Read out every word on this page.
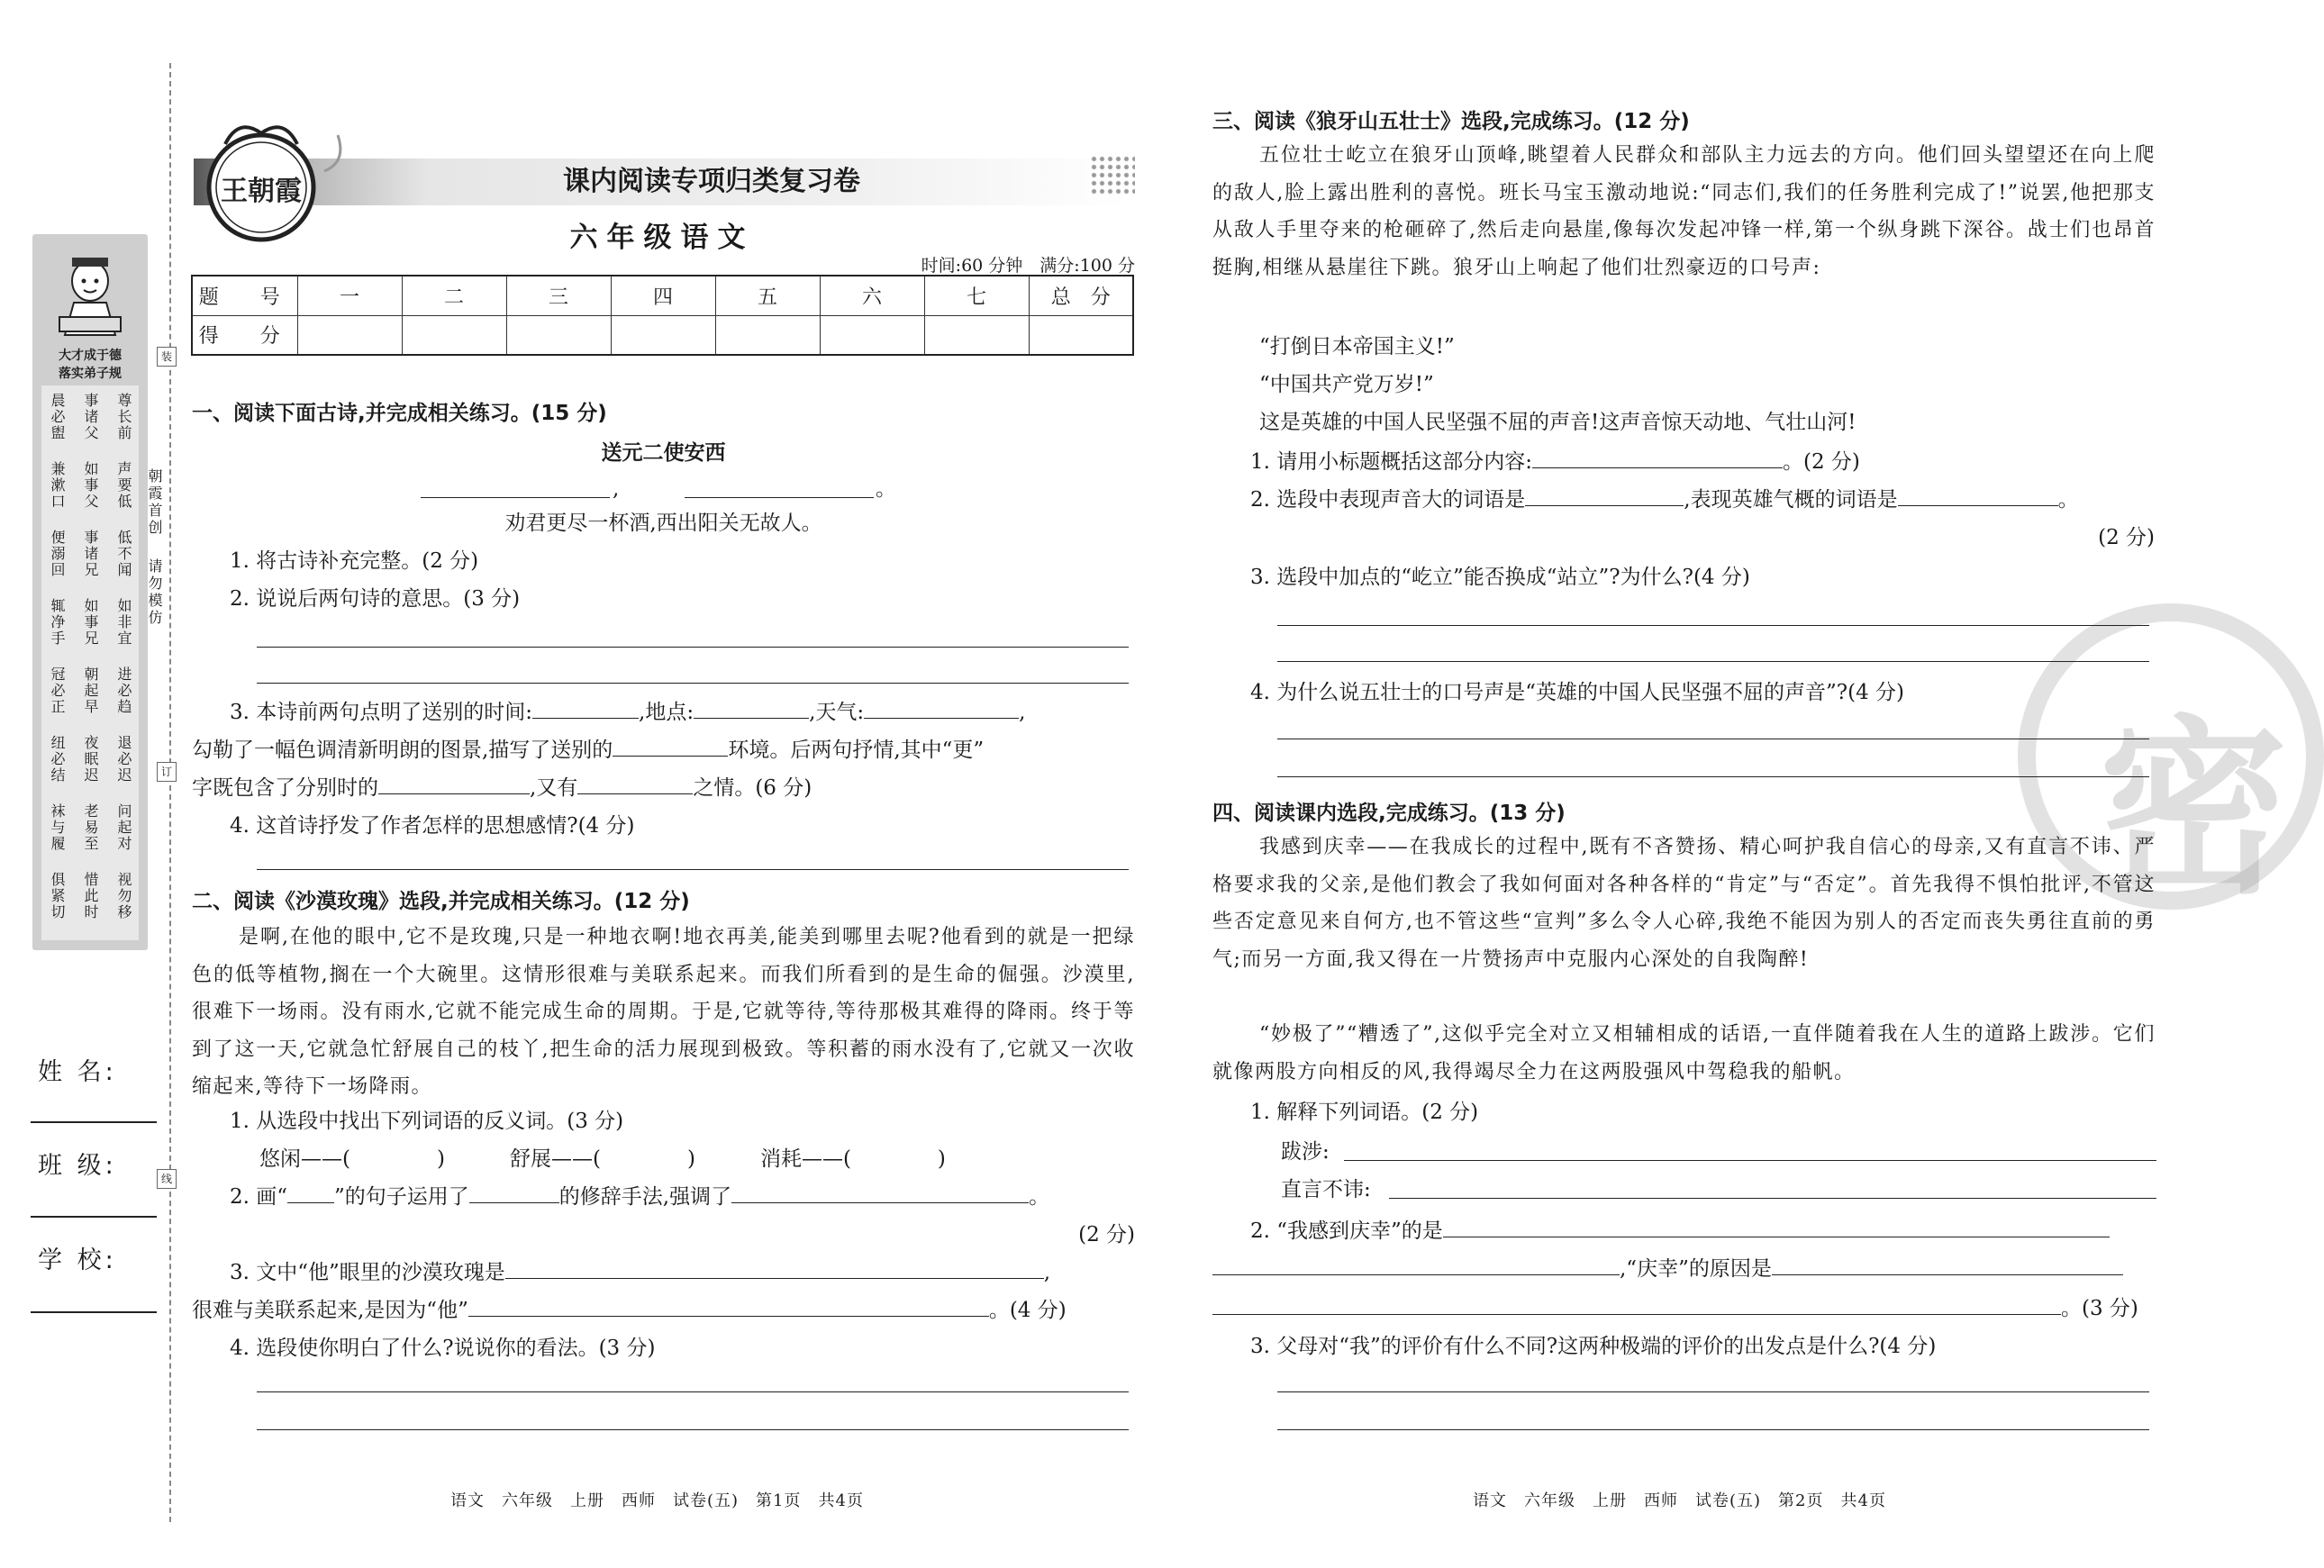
大才成于德
落实弟子规
晨必盥 事诸父 尊长前
兼漱口 如事父 声要低
便溺回 事诸兄 低不闻
辄净手 如事兄 如非宜
冠必正 朝起早 进必趋
纽必结 夜眠迟 退必迟
袜与履 老易至 问起对
俱紧切 惜此时 视勿移
朝霞首创
请勿模仿
装
订
线
姓 名:
班 级:
学 校:
王朝霞	课内阅读专项归类复习卷
六年级语文
时间:60 分钟　满分:100 分
题　号	一	二	三	四	五	六	七	总　分
得　分								
一、阅读下面古诗,并完成相关练习。(15 分)
送元二使安西
,	。
劝君更尽一杯酒,西出阳关无故人。
1. 将古诗补充完整。(2 分)
2. 说说后两句诗的意思。(3 分)
3. 本诗前两句点明了送别的时间:	,地点:	,天气:	,
勾勒了一幅色调清新明朗的图景,描写了送别的	环境。后两句抒情,其中“更”
字既包含了分别时的	,又有	之情。(6 分)
4. 这首诗抒发了作者怎样的思想感情?(4 分)
二、阅读《沙漠玫瑰》选段,并完成相关练习。(12 分)
是啊,在他的眼中,它不是玫瑰,只是一种地衣啊!地衣再美,能美到哪里去呢?他看到的就是一把绿色的低等植物,搁在一个大碗里。这情形很难与美联系起来。而我们所看到的是生命的倔强。沙漠里,很难下一场雨。没有雨水,它就不能完成生命的周期。于是,它就等待,等待那极其难得的降雨。终于等到了这一天,它就急忙舒展自己的枝丫,把生命的活力展现到极致。等积蓄的雨水没有了,它就又一次收缩起来,等待下一场降雨。
1. 从选段中找出下列词语的反义词。(3 分)
悠闲——(	)	舒展——(	)	消耗——(	)
2. 画“ ”的句子运用了	的修辞手法,强调了	。
(2 分)
3. 文中“他”眼里的沙漠玫瑰是	,
很难与美联系起来,是因为“他”	。(4 分)
4. 选段使你明白了什么?说说你的看法。(3 分)
语文　六年级　上册　西师　试卷(五)　第1页　共4页
密
三、阅读《狼牙山五壮士》选段,完成练习。(12 分)
五位壮士屹立在狼牙山顶峰,眺望着人民群众和部队主力远去的方向。他们回头望望还在向上爬的敌人,脸上露出胜利的喜悦。班长马宝玉激动地说:“同志们,我们的任务胜利完成了!”说罢,他把那支从敌人手里夺来的枪砸碎了,然后走向悬崖,像每次发起冲锋一样,第一个纵身跳下深谷。战士们也昂首挺胸,相继从悬崖往下跳。狼牙山上响起了他们壮烈豪迈的口号声:
“打倒日本帝国主义!”
“中国共产党万岁!”
这是英雄的中国人民坚强不屈的声音!这声音惊天动地、气壮山河!
1. 请用小标题概括这部分内容:	。(2 分)
2. 选段中表现声音大的词语是	,表现英雄气概的词语是	。
(2 分)
3. 选段中加点的“屹立”能否换成“站立”?为什么?(4 分)
4. 为什么说五壮士的口号声是“英雄的中国人民坚强不屈的声音”?(4 分)
四、阅读课内选段,完成练习。(13 分)
我感到庆幸——在我成长的过程中,既有不吝赞扬、精心呵护我自信心的母亲,又有直言不讳、严格要求我的父亲,是他们教会了我如何面对各种各样的“肯定”与“否定”。首先我得不惧怕批评,不管这些否定意见来自何方,也不管这些“宣判”多么令人心碎,我绝不能因为别人的否定而丧失勇往直前的勇气;而另一方面,我又得在一片赞扬声中克服内心深处的自我陶醉!
“妙极了”“糟透了”,这似乎完全对立又相辅相成的话语,一直伴随着我在人生的道路上跋涉。它们就像两股方向相反的风,我得竭尽全力在这两股强风中驾稳我的船帆。
1. 解释下列词语。(2 分)
跋涉:
直言不讳:
2. “我感到庆幸”的是
,“庆幸”的原因是
。(3 分)
3. 父母对“我”的评价有什么不同?这两种极端的评价的出发点是什么?(4 分)
语文　六年级　上册　西师　试卷(五)　第2页　共4页
